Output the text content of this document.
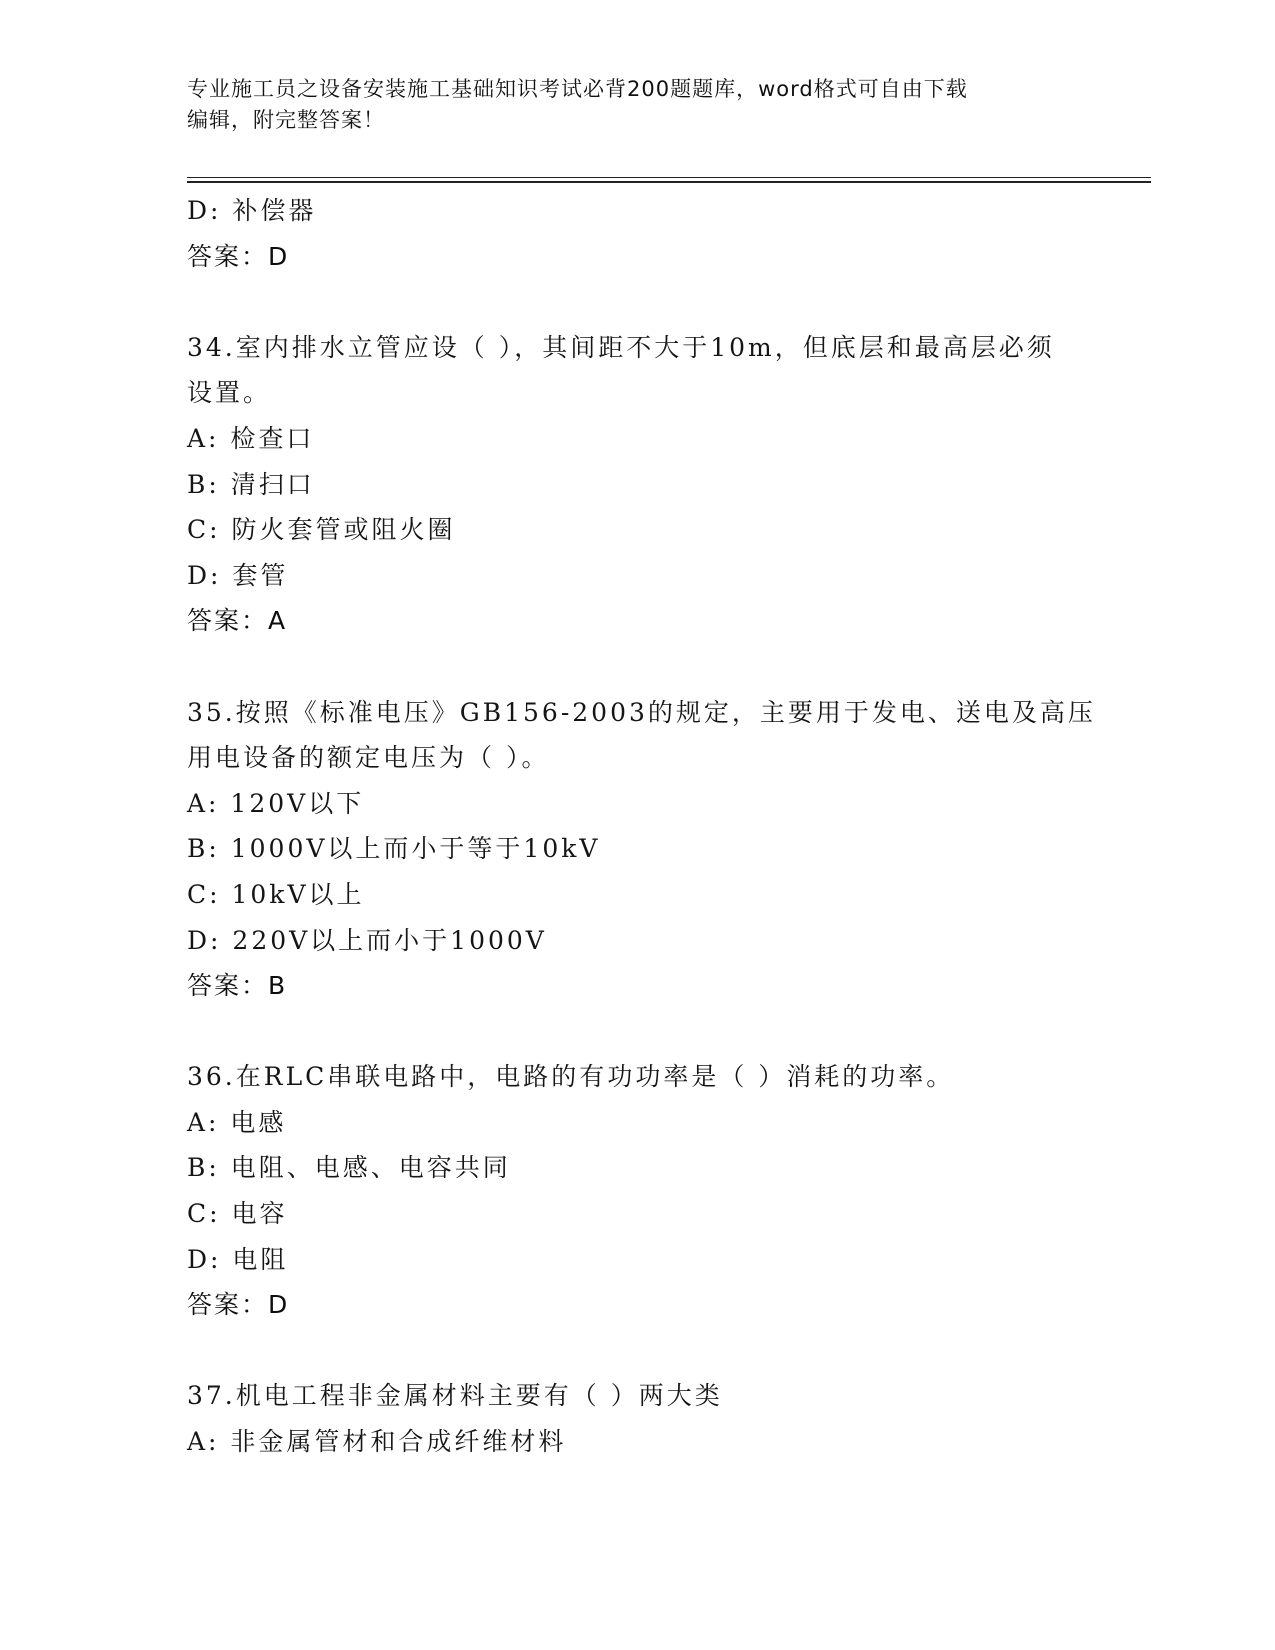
专业施工员之设备安装施工基础知识考试必背200题题库，word格式可自由下载
编辑，附完整答案！
D: 补偿器
答案：D
34.室内排水立管应设（ ），其间距不大于10m，但底层和最高层必须
设置。
A: 检查口
B: 清扫口
C: 防火套管或阻火圈
D: 套管
答案：A
35.按照《标准电压》GB156-2003的规定，主要用于发电、送电及高压
用电设备的额定电压为（ ）。
A: 120V以下
B: 1000V以上而小于等于10kV
C: 10kV以上
D: 220V以上而小于1000V
答案：B
36.在RLC串联电路中，电路的有功功率是（ ）消耗的功率。
A: 电感
B: 电阻、电感、电容共同
C: 电容
D: 电阻
答案：D
37.机电工程非金属材料主要有（ ）两大类
A: 非金属管材和合成纤维材料
